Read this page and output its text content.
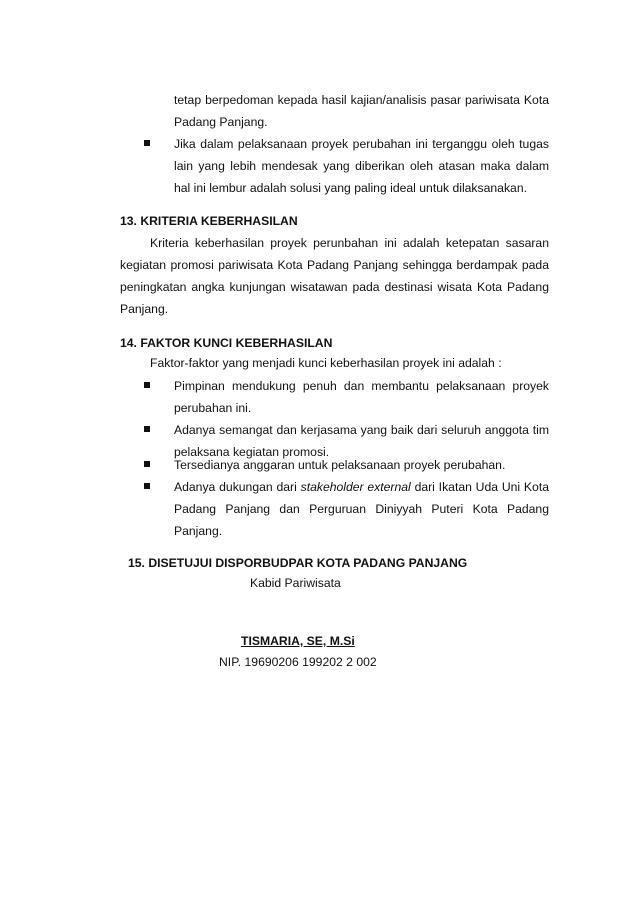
tetap berpedoman kepada hasil kajian/analisis pasar pariwisata Kota
Padang Panjang.
Jika dalam pelaksanaan proyek perubahan ini terganggu oleh tugas lain yang lebih mendesak yang diberikan oleh atasan maka dalam hal ini lembur adalah solusi yang paling ideal untuk dilaksanakan.
13. KRITERIA KEBERHASILAN
Kriteria keberhasilan proyek perunbahan ini adalah ketepatan sasaran
kegiatan promosi pariwisata Kota Padang Panjang sehingga berdampak pada peningkatan angka kunjungan wisatawan pada destinasi wisata Kota Padang Panjang.
14. FAKTOR KUNCI KEBERHASILAN
Faktor-faktor yang menjadi kunci keberhasilan proyek ini adalah :
Pimpinan mendukung penuh dan membantu pelaksanaan proyek perubahan ini.
Adanya semangat dan kerjasama yang baik dari seluruh anggota tim pelaksana kegiatan promosi.
Tersedianya anggaran untuk pelaksanaan proyek perubahan.
Adanya dukungan dari stakeholder external dari Ikatan Uda Uni Kota Padang Panjang dan Perguruan Diniyyah Puteri Kota Padang Panjang.
15. DISETUJUI DISPORBUDPAR KOTA PADANG PANJANG
Kabid Pariwisata
TISMARIA, SE, M.Si
NIP. 19690206 199202 2 002
